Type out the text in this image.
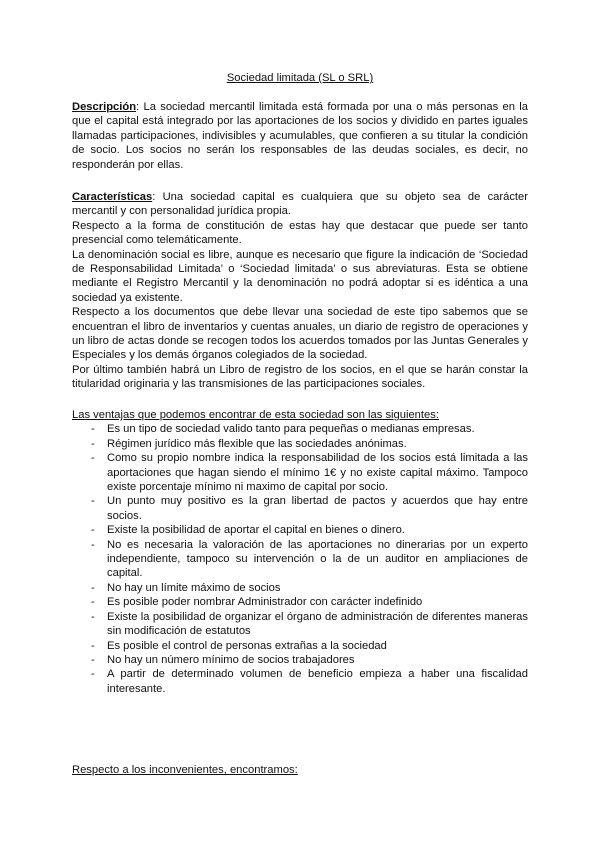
Sociedad limitada (SL o SRL)

Descripción: La sociedad mercantil limitada está formada por una o más personas en la que el capital está integrado por las aportaciones de los socios y dividido en partes iguales llamadas participaciones, indivisibles y acumulables, que confieren a su titular la condición de socio. Los socios no serán los responsables de las deudas sociales, es decir, no responderán por ellas.

Características: Una sociedad capital es cualquiera que su objeto sea de carácter mercantil y con personalidad jurídica propia.

Respecto a la forma de constitución de estas hay que destacar que puede ser tanto presencial como telemáticamente.

La denominación social es libre, aunque es necesario que figure la indicación de ‘Sociedad de Responsabilidad Limitada’ o ‘Sociedad limitada’ o sus abreviaturas. Esta se obtiene mediante el Registro Mercantil y la denominación no podrá adoptar si es idéntica a una sociedad ya existente.

Respecto a los documentos que debe llevar una sociedad de este tipo sabemos que se encuentran el libro de inventarios y cuentas anuales, un diario de registro de operaciones y un libro de actas donde se recogen todos los acuerdos tomados por las Juntas Generales y Especiales y los demás órganos colegiados de la sociedad.

Por último también habrá un Libro de registro de los socios, en el que se harán constar la titularidad originaria y las transmisiones de las participaciones sociales.

Las ventajas que podemos encontrar de esta sociedad son las siguientes:

- Es un tipo de sociedad valido tanto para pequeñas o medianas empresas.
- Régimen jurídico más flexible que las sociedades anónimas.
- Como su propio nombre indica la responsabilidad de los socios está limitada a las aportaciones que hagan siendo el mínimo 1€ y no existe capital máximo. Tampoco existe porcentaje mínimo ni maximo de capital por socio.
- Un punto muy positivo es la gran libertad de pactos y acuerdos que hay entre socios.
- Existe la posibilidad de aportar el capital en bienes o dinero.
- No es necesaria la valoración de las aportaciones no dinerarias por un experto independiente, tampoco su intervención o la de un auditor en ampliaciones de capital.
- No hay un límite máximo de socios
- Es posible poder nombrar Administrador con carácter indefinido
- Existe la posibilidad de organizar el órgano de administración de diferentes maneras sin modificación de estatutos
- Es posible el control de personas extrañas a la sociedad
- No hay un número mínimo de socios trabajadores
- A partir de determinado volumen de beneficio empieza a haber una fiscalidad interesante.

Respecto a los inconvenientes, encontramos:
